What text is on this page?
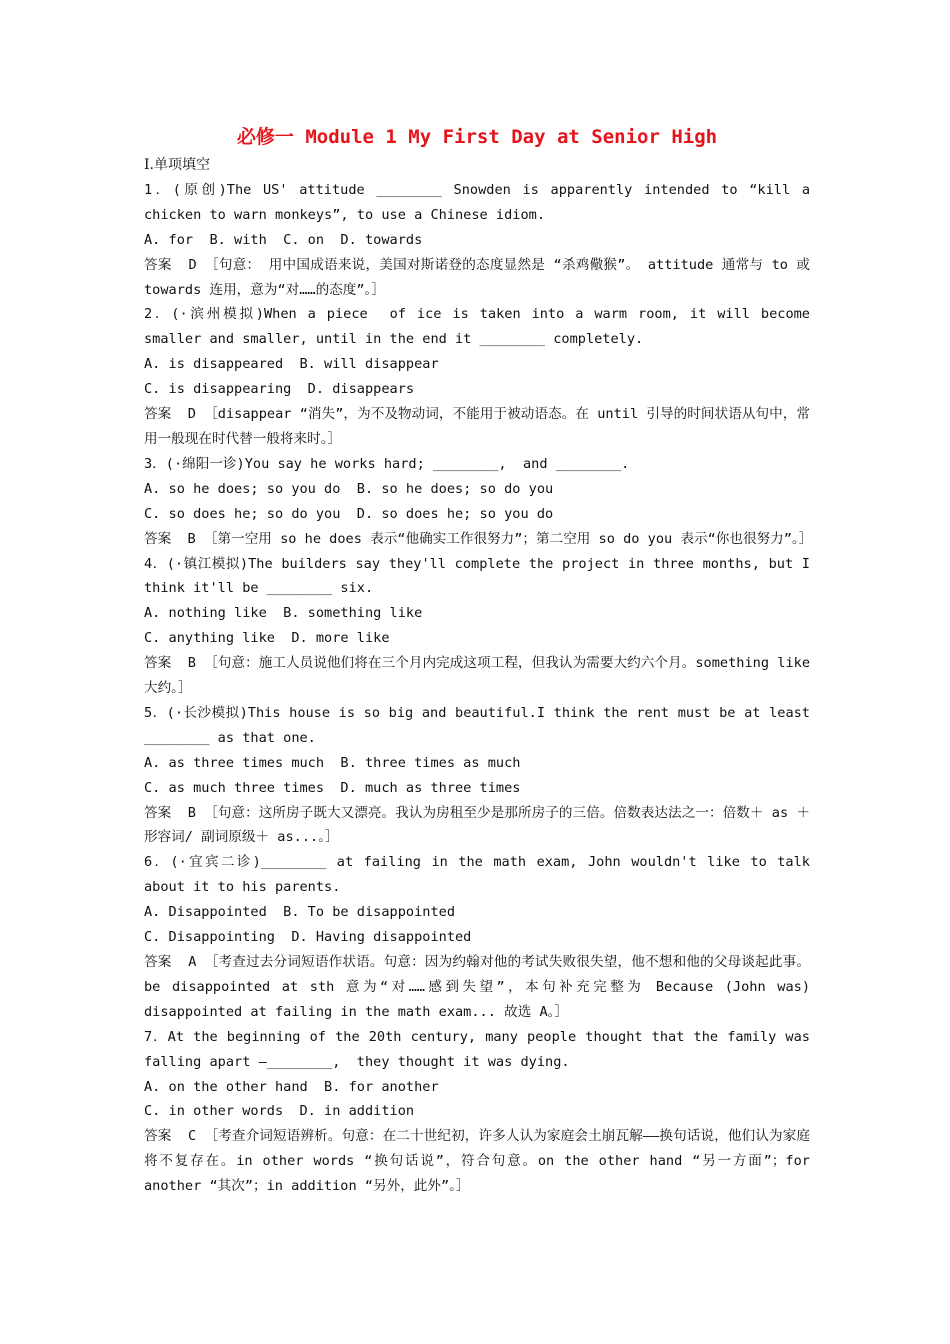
必修一 Module 1 My First Day at Senior High
I.单项填空
1．(原创)The US' attitude ________ Snowden is apparently intended to “kill a chicken to warn monkeys”, to use a Chinese idiom.
A. for  B. with  C. on  D. towards
答案  D ［句意： 用中国成语来说，美国对斯诺登的态度显然是 “杀鸡儆猴”。 attitude 通常与 to 或 towards 连用，意为“对……的态度”。］
2．(·滨州模拟)When a piece  of ice is taken into a warm room, it will become smaller and smaller, until in the end it ________ completely.
A. is disappeared  B. will disappear
C. is disappearing  D. disappears
答案  D ［disappear “消失”，为不及物动词，不能用于被动语态。在 until 引导的时间状语从句中，常用一般现在时代替一般将来时。］
3．(·绵阳一诊)You say he works hard; ________,  and ________.
A. so he does; so you do  B. so he does; so do you
C. so does he; so do you  D. so does he; so you do
答案  B ［第一空用 so he does 表示“他确实工作很努力”；第二空用 so do you 表示“你也很努力”。］
4．(·镇江模拟)The builders say they'll complete the project in three months, but I think it'll be ________ six.
A. nothing like  B. something like
C. anything like  D. more like
答案  B ［句意：施工人员说他们将在三个月内完成这项工程，但我认为需要大约六个月。something like 大约。］
5．(·长沙模拟)This house is so big and beautiful.I think the rent must be at least ________ as that one.
A. as three times much  B. three times as much
C. as much three times  D. much as three times
答案  B ［句意：这所房子既大又漂亮。我认为房租至少是那所房子的三倍。倍数表达法之一：倍数＋ as ＋形容词/ 副词原级＋ as...。］
6．(·宜宾二诊)________ at failing in the math exam, John wouldn't like to talk about it to his parents.
A. Disappointed  B. To be disappointed
C. Disappointing  D. Having disappointed
答案  A ［考查过去分词短语作状语。句意：因为约翰对他的考试失败很失望，他不想和他的父母谈起此事。be disappointed at sth 意为“对……感到失望”，本句补充完整为 Because (John was) disappointed at failing in the math exam... 故选 A。］
7．At the beginning of the 20th century, many people thought that the family was falling apart —________,  they thought it was dying.
A. on the other hand  B. for another
C. in other words  D. in addition
答案  C ［考查介词短语辨析。句意：在二十世纪初，许多人认为家庭会土崩瓦解——换句话说，他们认为家庭将不复存在。in other words “换句话说”，符合句意。on the other hand “另一方面”；for another “其次”；in addition “另外，此外”。］
